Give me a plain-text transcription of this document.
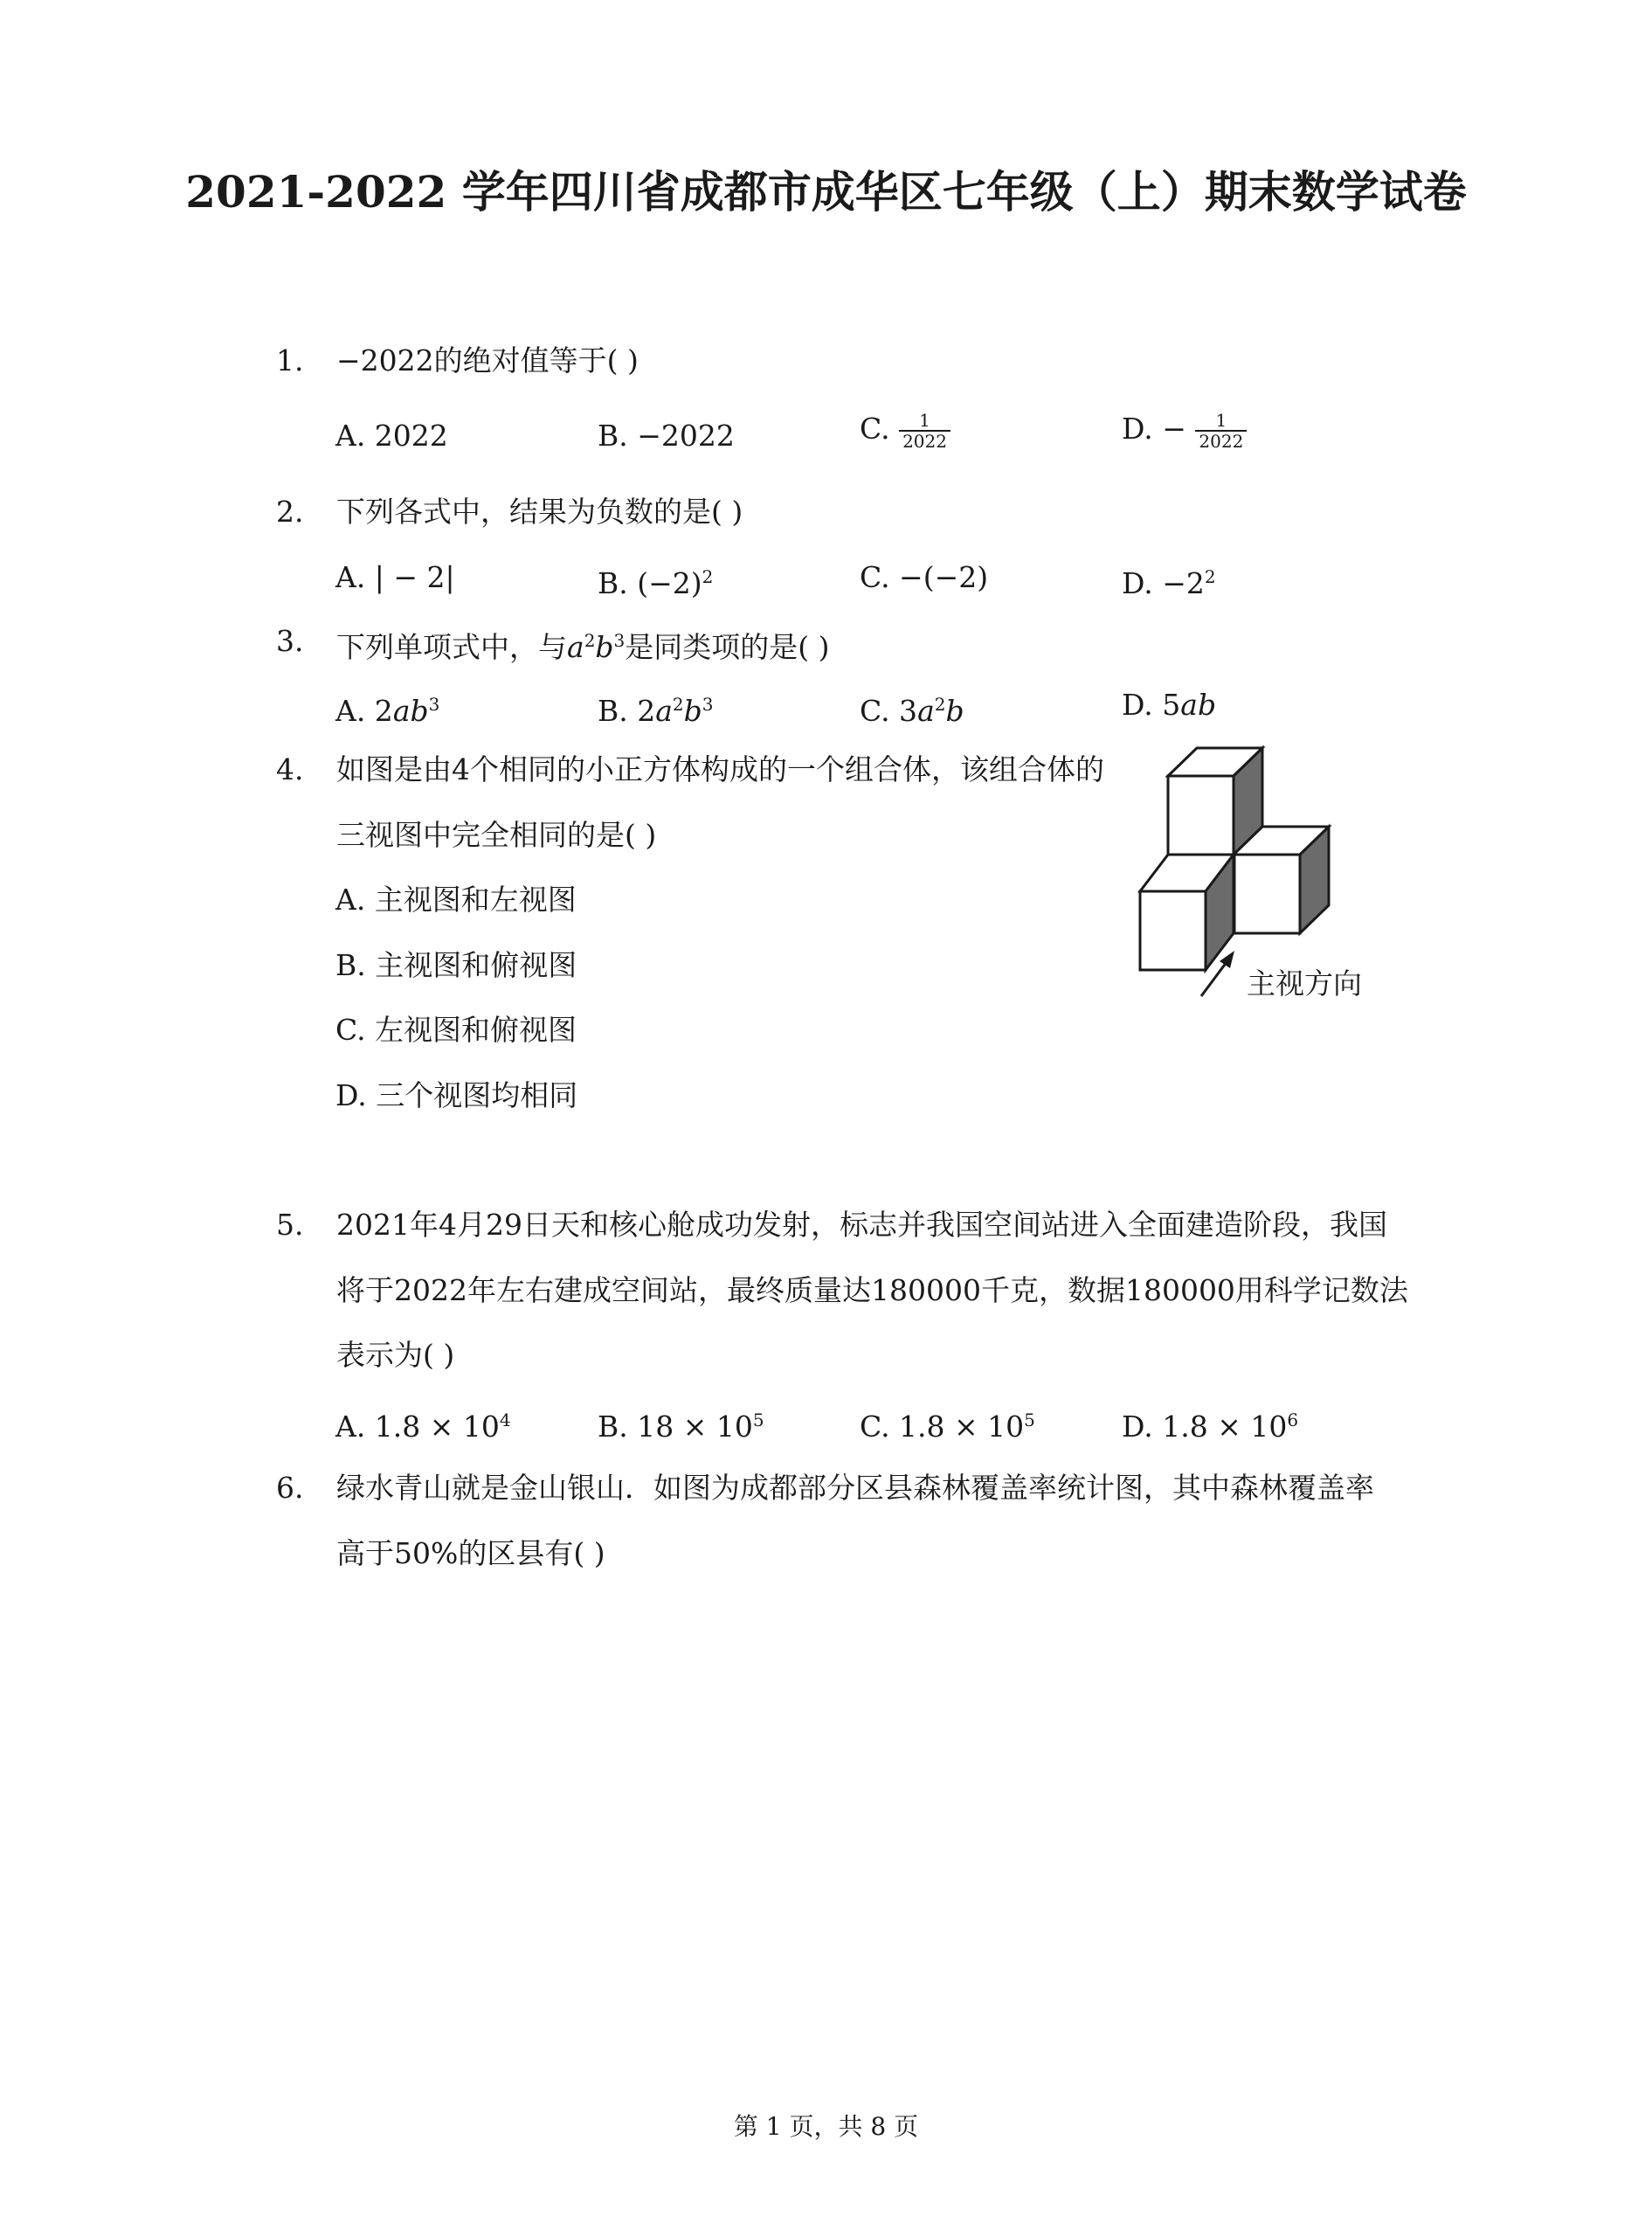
2021-2022 学年四川省成都市成华区七年级（上）期末数学试卷
1. −2022的绝对值等于( )
A. 2022	B. −2022	C. $\frac{1}{2022}$	D. − $\frac{1}{2022}$
2. 下列各式中，结果为负数的是( )
A. | − 2|	B. $(-2)^2$	C. −(−2)	D. $-2^2$
3. 下列单项式中，与$a^2b^3$是同类项的是( )
A. $2ab^3$	B. $2a^2b^3$	C. $3a^2b$	D. 5ab
4. 如图是由4个相同的小正方体构成的一个组合体，该组合体的
三视图中完全相同的是( )
A. 主视图和左视图
B. 主视图和俯视图
C. 左视图和俯视图
D. 三个视图均相同
主视方向
5. 2021年4月29日天和核心舱成功发射，标志并我国空间站进入全面建造阶段，我国
将于2022年左右建成空间站，最终质量达180000千克，数据180000用科学记数法
表示为( )
A. $1.8 \times 10^4$	B. $18 \times 10^5$	C. $1.8 \times 10^5$	D. $1.8 \times 10^6$
6. 绿水青山就是金山银山．如图为成都部分区县森林覆盖率统计图，其中森林覆盖率
高于50%的区县有( )
第 1 页，共 8 页
